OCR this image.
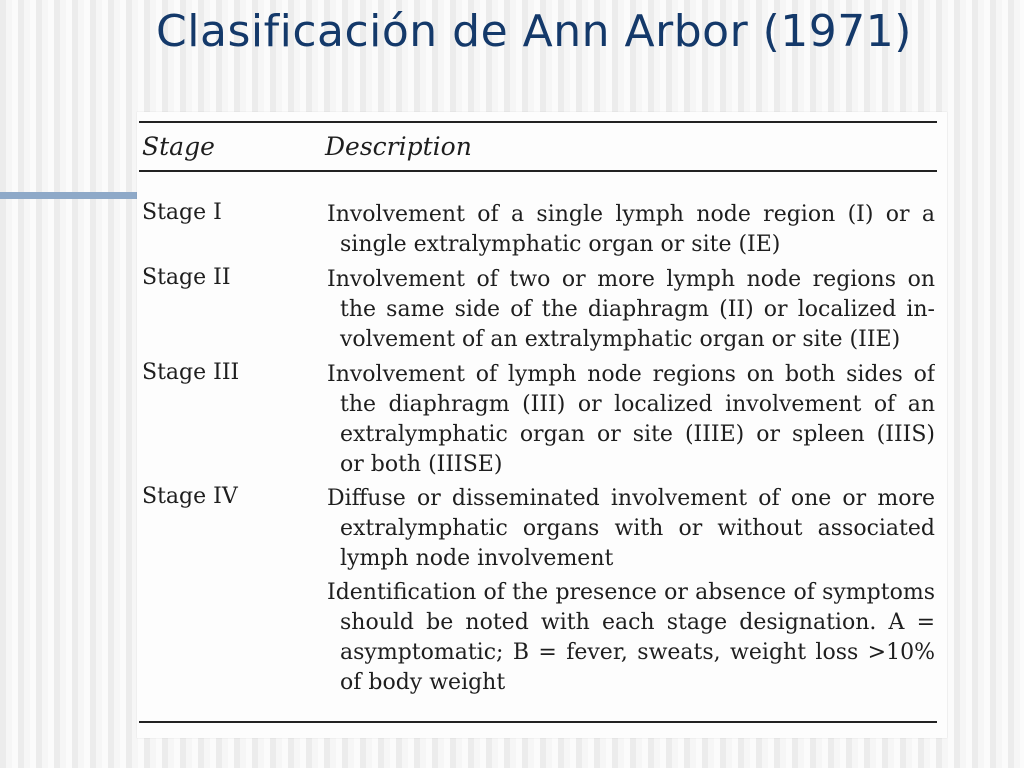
Clasificación de Ann Arbor (1971)
Stage	Description
Stage I	Involvement of a single lymph node region (I) or a
single extralymphatic organ or site (IE)
Stage II	Involvement of two or more lymph node regions on
the same side of the diaphragm (II) or localized in-
volvement of an extralymphatic organ or site (IIE)
Stage III	Involvement of lymph node regions on both sides of
the diaphragm (III) or localized involvement of an
extralymphatic organ or site (IIIE) or spleen (IIIS)
or both (IIISE)
Stage IV	Diffuse or disseminated involvement of one or more
extralymphatic organs with or without associated
lymph node involvement
Identification of the presence or absence of symptoms
should be noted with each stage designation. A =
asymptomatic; B = fever, sweats, weight loss >10%
of body weight
